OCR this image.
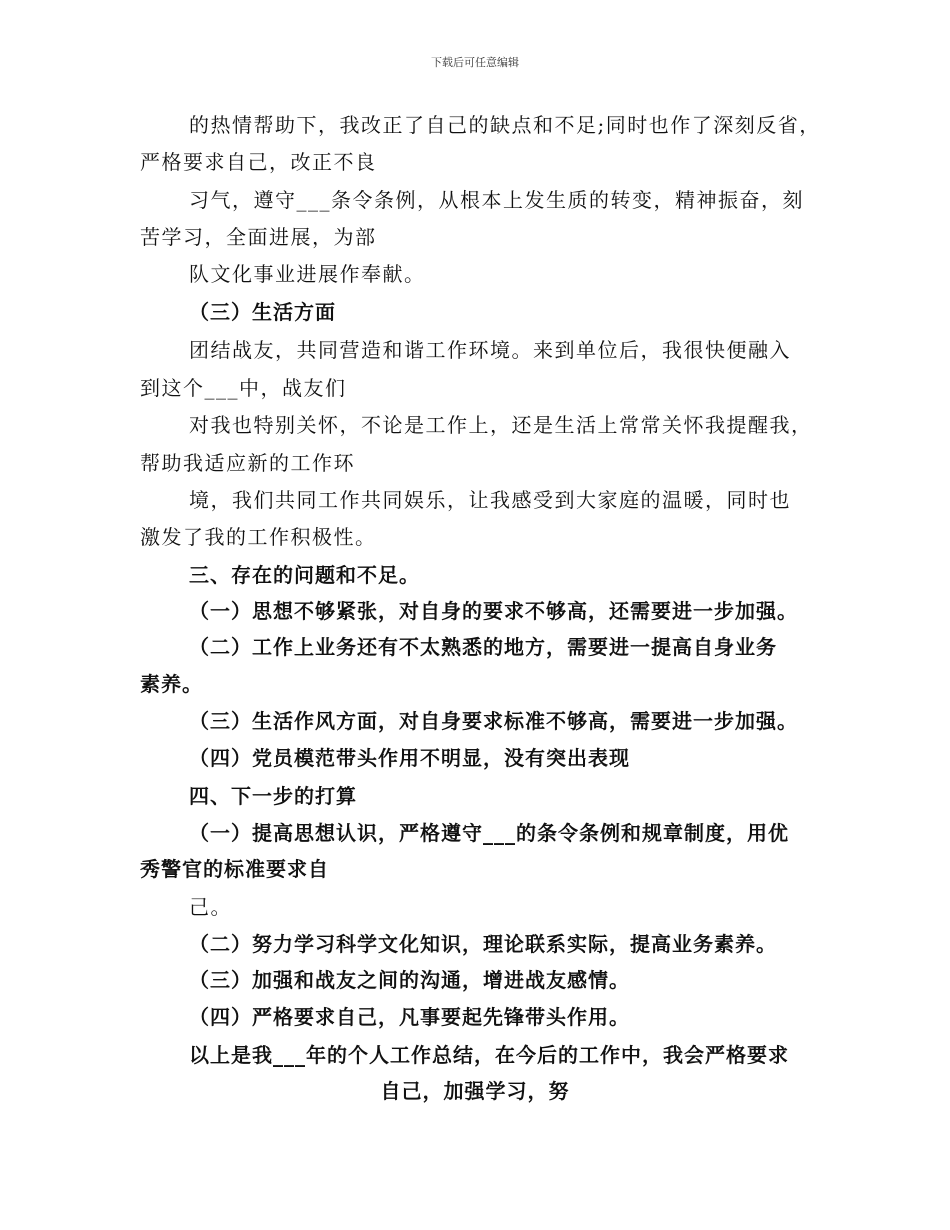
下载后可任意编辑
的热情帮助下，我改正了自己的缺点和不足;同时也作了深刻反省，
严格要求自己，改正不良
习气，遵守___条令条例，从根本上发生质的转变，精神振奋，刻
苦学习，全面进展，为部
队文化事业进展作奉献。
（三）生活方面
团结战友，共同营造和谐工作环境。来到单位后，我很快便融入
到这个___中，战友们
对我也特别关怀，不论是工作上，还是生活上常常关怀我提醒我，
帮助我适应新的工作环
境，我们共同工作共同娱乐，让我感受到大家庭的温暖，同时也
激发了我的工作积极性。
三、存在的问题和不足。
（一）思想不够紧张，对自身的要求不够高，还需要进一步加强。
（二）工作上业务还有不太熟悉的地方，需要进一提高自身业务
素养。
（三）生活作风方面，对自身要求标准不够高，需要进一步加强。
（四）党员模范带头作用不明显，没有突出表现
四、下一步的打算
（一）提高思想认识，严格遵守___的条令条例和规章制度，用优
秀警官的标准要求自
己。
（二）努力学习科学文化知识，理论联系实际，提高业务素养。
（三）加强和战友之间的沟通，增进战友感情。
（四）严格要求自己，凡事要起先锋带头作用。
以上是我___年的个人工作总结，在今后的工作中，我会严格要求
自己，加强学习，努
